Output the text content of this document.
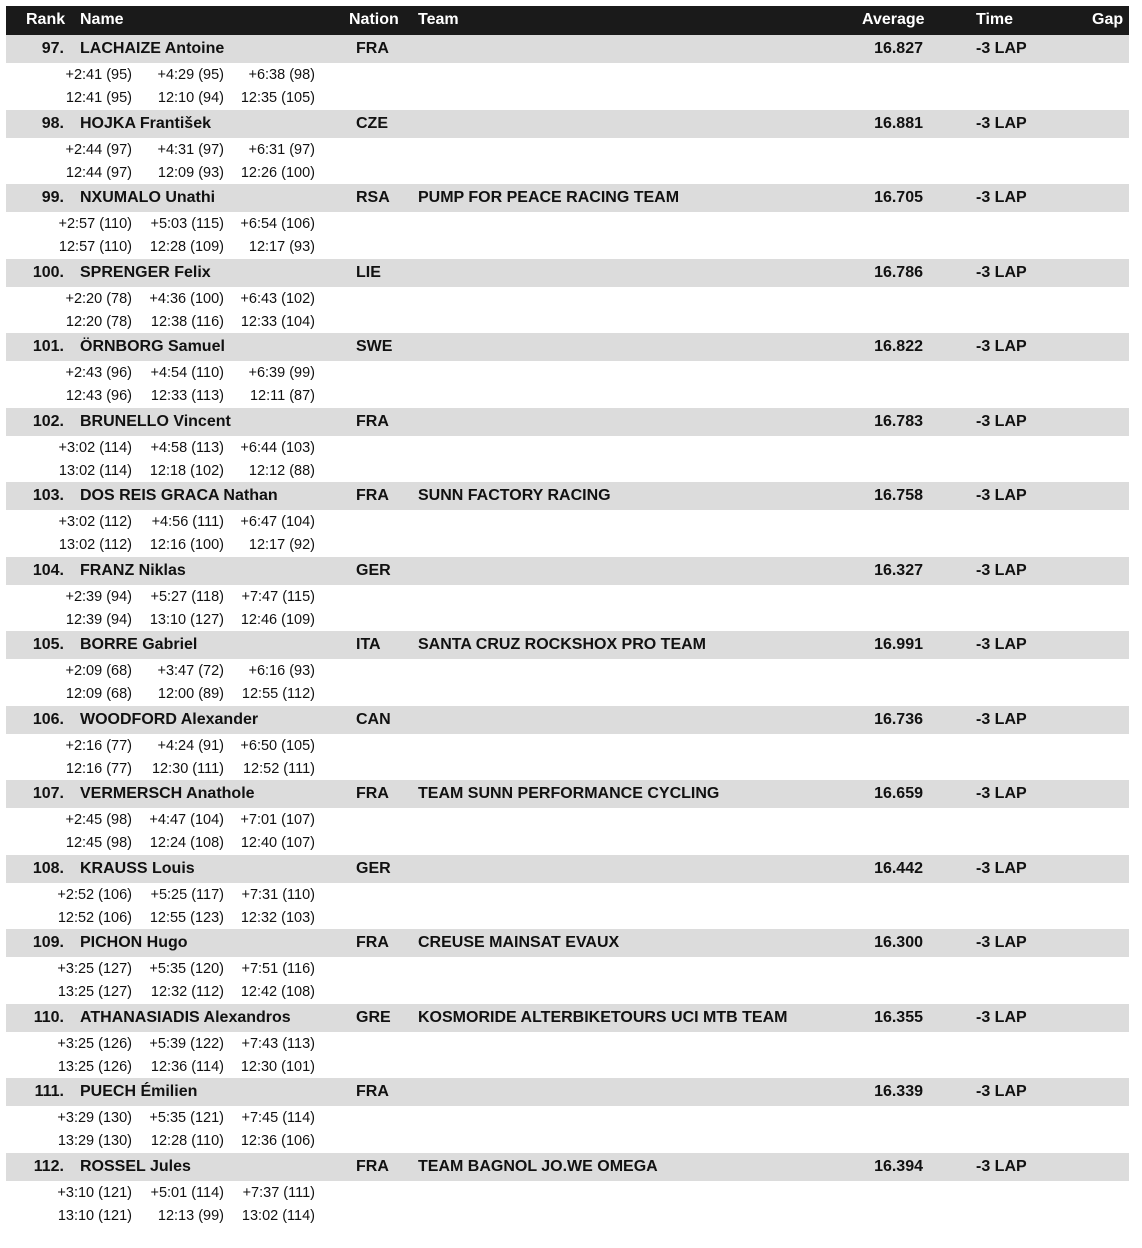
Rank Name	Nation Team	Average	Time	Gap
97. LACHAIZE Antoine	FRA	16.827	-3 LAP
+2:41 (95) +4:29 (95) +6:38 (98)
12:41 (95) 12:10 (94) 12:35 (105)
98. HOJKA František	CZE	16.881	-3 LAP
+2:44 (97) +4:31 (97) +6:31 (97)
12:44 (97) 12:09 (93) 12:26 (100)
99. NXUMALO Unathi	RSA PUMP FOR PEACE RACING TEAM	16.705	-3 LAP
+2:57 (110) +5:03 (115) +6:54 (106)
12:57 (110) 12:28 (109) 12:17 (93)
100. SPRENGER Felix	LIE	16.786	-3 LAP
+2:20 (78) +4:36 (100) +6:43 (102)
12:20 (78) 12:38 (116) 12:33 (104)
101. ÖRNBORG Samuel	SWE	16.822	-3 LAP
+2:43 (96) +4:54 (110) +6:39 (99)
12:43 (96) 12:33 (113) 12:11 (87)
102. BRUNELLO Vincent	FRA	16.783	-3 LAP
+3:02 (114) +4:58 (113) +6:44 (103)
13:02 (114) 12:18 (102) 12:12 (88)
103. DOS REIS GRACA Nathan	FRA SUNN FACTORY RACING	16.758	-3 LAP
+3:02 (112) +4:56 (111) +6:47 (104)
13:02 (112) 12:16 (100) 12:17 (92)
104. FRANZ Niklas	GER	16.327	-3 LAP
+2:39 (94) +5:27 (118) +7:47 (115)
12:39 (94) 13:10 (127) 12:46 (109)
105. BORRE Gabriel	ITA SANTA CRUZ ROCKSHOX PRO TEAM	16.991	-3 LAP
+2:09 (68) +3:47 (72) +6:16 (93)
12:09 (68) 12:00 (89) 12:55 (112)
106. WOODFORD Alexander	CAN	16.736	-3 LAP
+2:16 (77) +4:24 (91) +6:50 (105)
12:16 (77) 12:30 (111) 12:52 (111)
107. VERMERSCH Anathole	FRA TEAM SUNN PERFORMANCE CYCLING	16.659	-3 LAP
+2:45 (98) +4:47 (104) +7:01 (107)
12:45 (98) 12:24 (108) 12:40 (107)
108. KRAUSS Louis	GER	16.442	-3 LAP
+2:52 (106) +5:25 (117) +7:31 (110)
12:52 (106) 12:55 (123) 12:32 (103)
109. PICHON Hugo	FRA CREUSE MAINSAT EVAUX	16.300	-3 LAP
+3:25 (127) +5:35 (120) +7:51 (116)
13:25 (127) 12:32 (112) 12:42 (108)
110. ATHANASIADIS Alexandros	GRE KOSMORIDE ALTERBIKETOURS UCI MTB TEAM	16.355	-3 LAP
+3:25 (126) +5:39 (122) +7:43 (113)
13:25 (126) 12:36 (114) 12:30 (101)
111. PUECH Émilien	FRA	16.339	-3 LAP
+3:29 (130) +5:35 (121) +7:45 (114)
13:29 (130) 12:28 (110) 12:36 (106)
112. ROSSEL Jules	FRA TEAM BAGNOL JO.WE OMEGA	16.394	-3 LAP
+3:10 (121) +5:01 (114) +7:37 (111)
13:10 (121) 12:13 (99) 13:02 (114)
